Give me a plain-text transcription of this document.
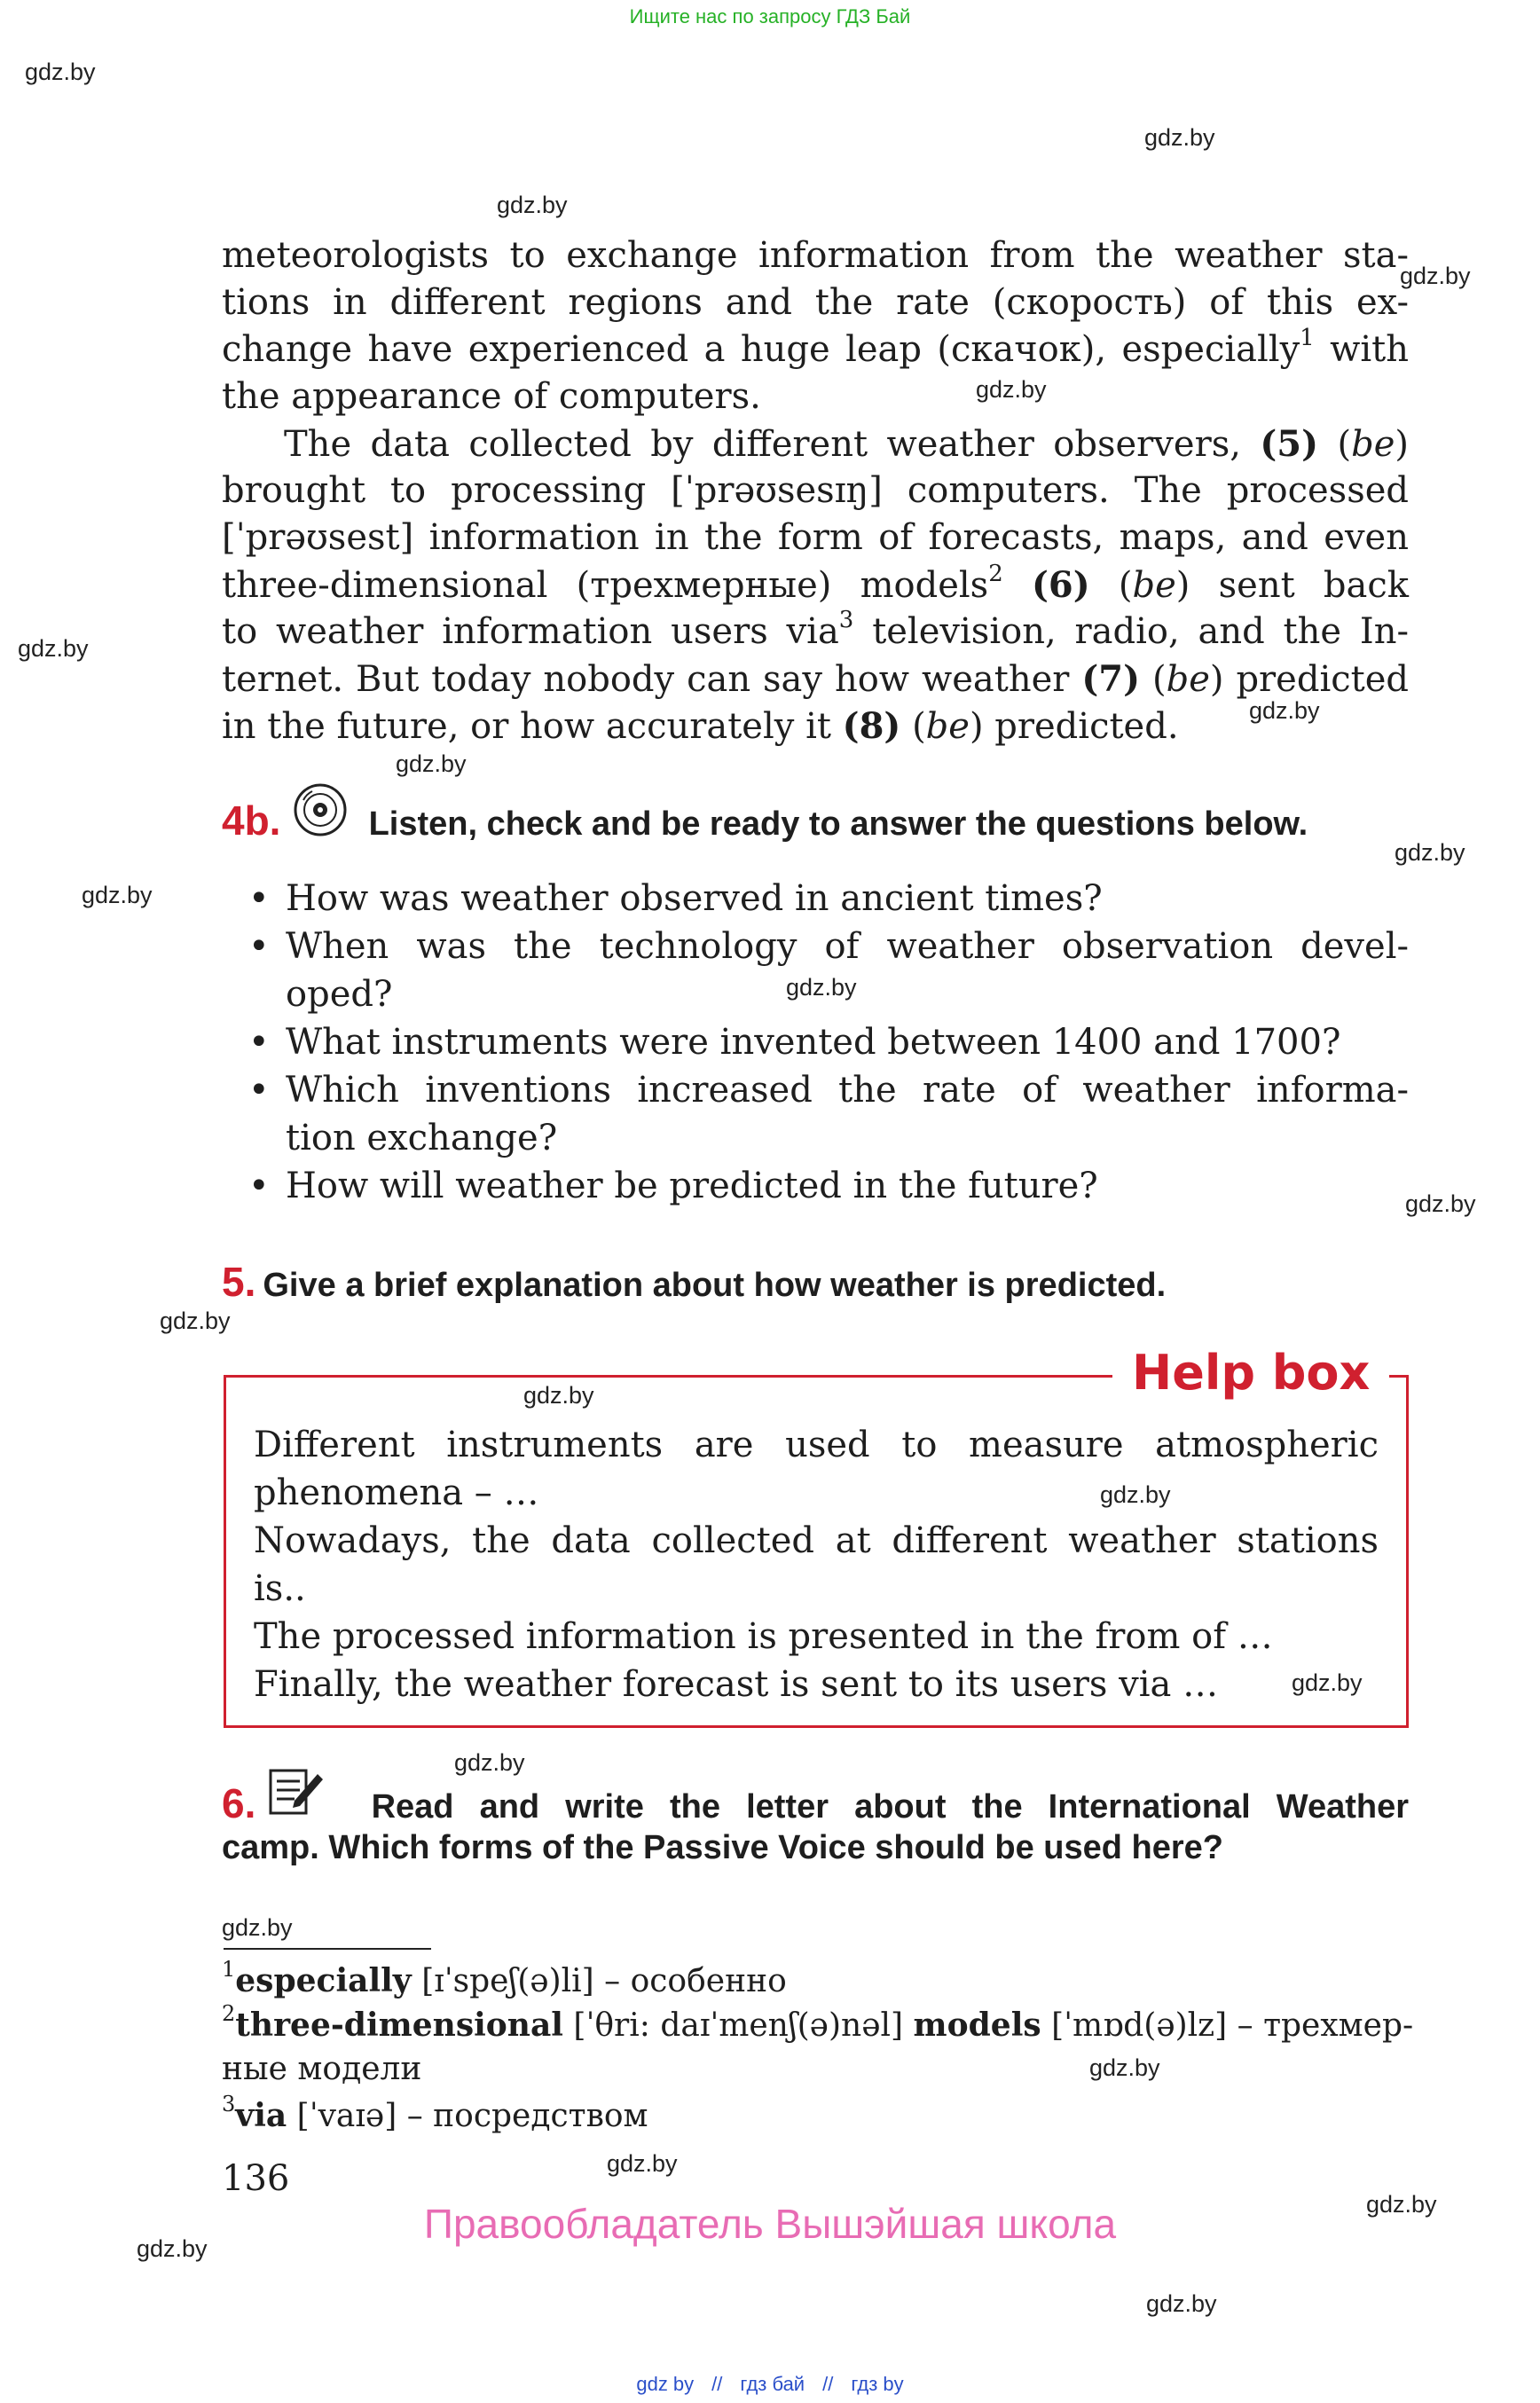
Ищите нас по запросу ГДЗ Бай
gdz.by
gdz.by
gdz.by
gdz.by
gdz.by
gdz.by
gdz.by
gdz.by
gdz.by
gdz.by
gdz.by
gdz.by
gdz.by
gdz.by
gdz.by
gdz.by
gdz.by
gdz.by
gdz.by
gdz.by
gdz.by
gdz.by
gdz.by
meteorologists to exchange information from the weather sta-
tions in different regions and the rate (скорость) of this ex-
change have experienced a huge leap (скачок), especially$^1$ with
the appearance of computers.
The data collected by different weather observers, (5) (be)
brought to processing [ˈprəʊsesɪŋ] computers. The processed
[ˈprəʊsest] information in the form of forecasts, maps, and even
three-dimensional (трехмерные) models$^2$ (6) (be) sent back
to weather information users via$^3$ television, radio, and the In-
ternet. But today nobody can say how weather (7) (be) predicted
in the future, or how accurately it (8) (be) predicted.
4b.	Listen, check and be ready to answer the questions below.
• How was weather observed in ancient times?
• When was the technology of weather observation devel-
oped?
• What instruments were invented between 1400 and 1700?
• Which inventions increased the rate of weather informa-
tion exchange?
• How will weather be predicted in the future?
5. Give a brief explanation about how weather is predicted.
Help box
Different instruments are used to measure atmospheric
phenomena – …
Nowadays, the data collected at different weather stations
is..
The processed information is presented in the from of …
Finally, the weather forecast is sent to its users via …
6.	Read and write the letter about the International Weather
camp. Which forms of the Passive Voice should be used here?
$^1$especially [ɪˈspeʃ(ə)li] – особенно
$^2$three-dimensional [ˈθri: daɪˈmenʃ(ə)nəl] models [ˈmɒd(ə)lz] – трехмер-
ные модели
$^3$via [ˈvaɪə] – посредством
136
Правообладатель Вышэйшая школа
gdz by // гдз бай // гдз by
